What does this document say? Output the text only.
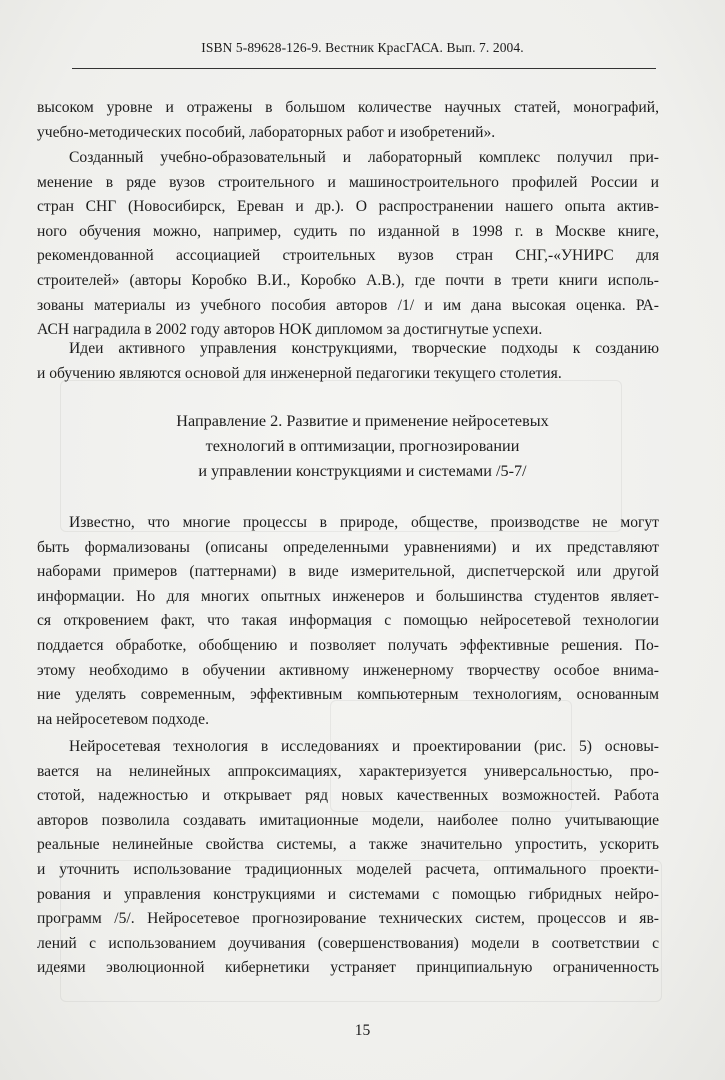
ISBN 5-89628-126-9. Вестник КрасГАСА. Вып. 7. 2004.
высоком уровне и отражены в большом количестве научных статей, монографий,
учебно-методических пособий, лабораторных работ и изобретений».
Созданный учебно-образовательный и лабораторный комплекс получил при-
менение в ряде вузов строительного и машиностроительного профилей России и
стран СНГ (Новосибирск, Ереван и др.). О распространении нашего опыта актив-
ного обучения можно, например, судить по изданной в 1998 г. в Москве книге,
рекомендованной ассоциацией строительных вузов стран СНГ,-«УНИРС для
строителей» (авторы Коробко В.И., Коробко А.В.), где почти в трети книги исполь-
зованы материалы из учебного пособия авторов /1/ и им дана высокая оценка. РА-
АСН наградила в 2002 году авторов НОК дипломом за достигнутые успехи.
Идеи активного управления конструкциями, творческие подходы к созданию
и обучению являются основой для инженерной педагогики текущего столетия.
Направление 2. Развитие и применение нейросетевых
технологий в оптимизации, прогнозировании
и управлении конструкциями и системами /5-7/
Известно, что многие процессы в природе, обществе, производстве не могут
быть формализованы (описаны определенными уравнениями) и их представляют
наборами примеров (паттернами) в виде измерительной, диспетчерской или другой
информации. Но для многих опытных инженеров и большинства студентов являет-
ся откровением факт, что такая информация с помощью нейросетевой технологии
поддается обработке, обобщению и позволяет получать эффективные решения. По-
этому необходимо в обучении активному инженерному творчеству особое внима-
ние уделять современным, эффективным компьютерным технологиям, основанным
на нейросетевом подходе.
Нейросетевая технология в исследованиях и проектировании (рис. 5) основы-
вается на нелинейных аппроксимациях, характеризуется универсальностью, про-
стотой, надежностью и открывает ряд новых качественных возможностей. Работа
авторов позволила создавать имитационные модели, наиболее полно учитывающие
реальные нелинейные свойства системы, а также значительно упростить, ускорить
и уточнить использование традиционных моделей расчета, оптимального проекти-
рования и управления конструкциями и системами с помощью гибридных нейро-
программ /5/. Нейросетевое прогнозирование технических систем, процессов и яв-
лений с использованием доучивания (совершенствования) модели в соответствии с
идеями эволюционной кибернетики устраняет принципиальную ограниченность
15
